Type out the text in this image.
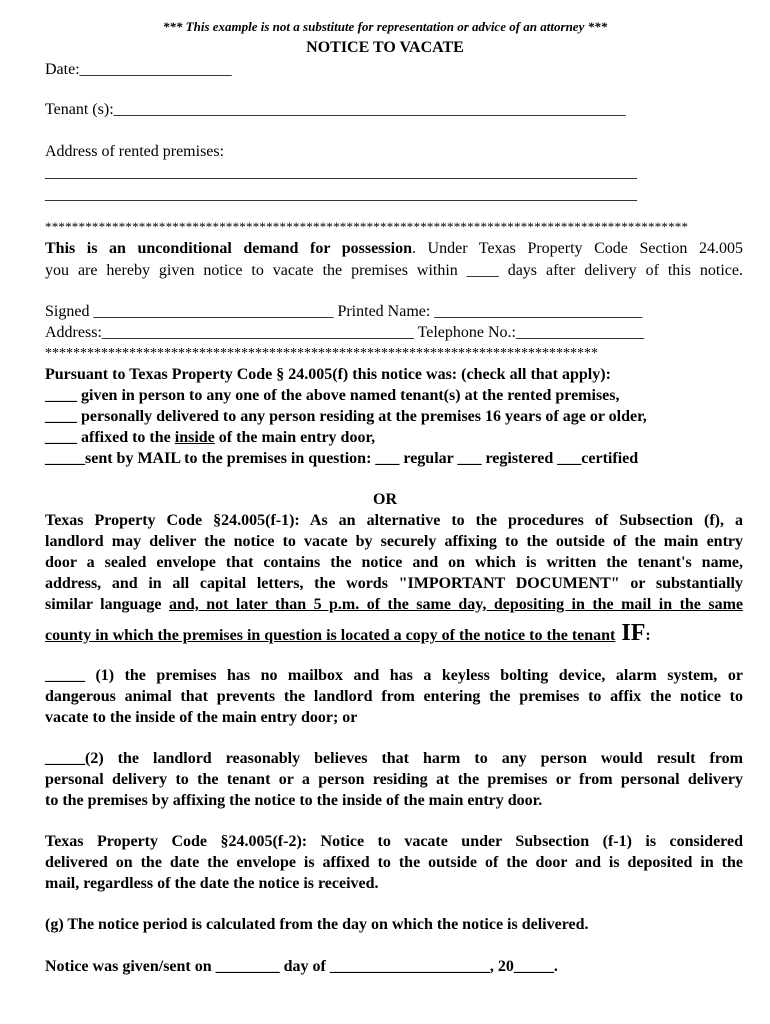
*** This example is not a substitute for representation or advice of an attorney ***
NOTICE TO VACATE
Date:___________________
Tenant (s):________________________________________________________________
Address of rented premises:
__________________________________________________________________________
__________________________________________________________________________
************************************************************************************************
This is an unconditional demand for possession. Under Texas Property Code Section 24.005
you are hereby given notice to vacate the premises within ____ days after delivery of this notice.
Signed ______________________________ Printed Name: __________________________
Address:_______________________________________ Telephone No.:________________
*******************************************************************************
Pursuant to Texas Property Code § 24.005(f) this notice was: (check all that apply):
____ given in person to any one of the above named tenant(s) at the rented premises,
____ personally delivered to any person residing at the premises 16 years of age or older,
____ affixed to the inside of the main entry door,
_____sent by MAIL to the premises in question: ___ regular ___ registered ___certified
OR
Texas Property Code §24.005(f-1): As an alternative to the procedures of Subsection (f), a
landlord may deliver the notice to vacate by securely affixing to the outside of the main entry
door a sealed envelope that contains the notice and on which is written the tenant's name,
address, and in all capital letters, the words "IMPORTANT DOCUMENT" or substantially
similar language and, not later than 5 p.m. of the same day, depositing in the mail in the same
county in which the premises in question is located a copy of the notice to the tenant IF:
_____ (1) the premises has no mailbox and has a keyless bolting device, alarm system, or
dangerous animal that prevents the landlord from entering the premises to affix the notice to
vacate to the inside of the main entry door; or
_____(2) the landlord reasonably believes that harm to any person would result from
personal delivery to the tenant or a person residing at the premises or from personal delivery
to the premises by affixing the notice to the inside of the main entry door.
Texas Property Code §24.005(f-2): Notice to vacate under Subsection (f-1) is considered
delivered on the date the envelope is affixed to the outside of the door and is deposited in the
mail, regardless of the date the notice is received.
(g) The notice period is calculated from the day on which the notice is delivered.
Notice was given/sent on ________ day of ____________________, 20_____.
